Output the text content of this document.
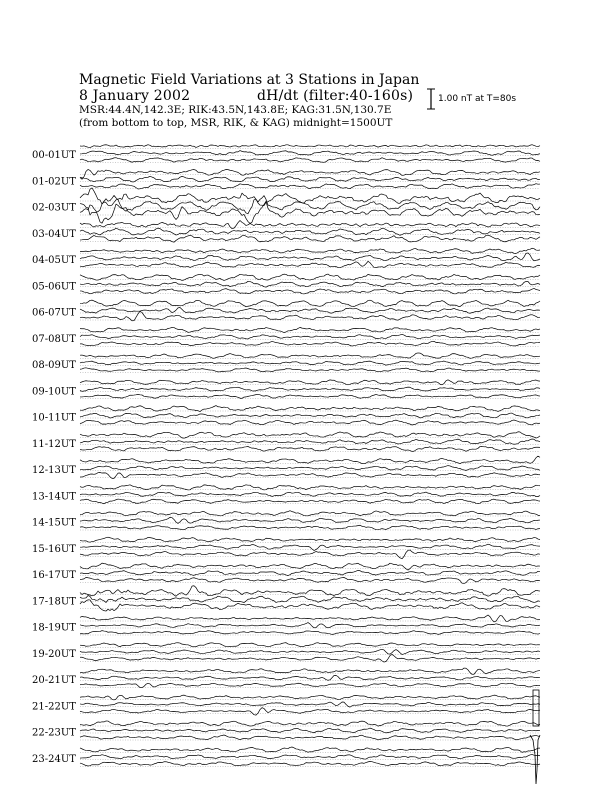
Magnetic Field Variations at 3 Stations in Japan
8 January 2002	dH/dt (filter:40-160s)
MSR:44.4N,142.3E; RIK:43.5N,143.8E; KAG:31.5N,130.7E
(from bottom to top, MSR, RIK, & KAG) midnight=1500UT
1.00 nT at T=80s
00-01UT
01-02UT
02-03UT
03-04UT
04-05UT
05-06UT
06-07UT
07-08UT
08-09UT
09-10UT
10-11UT
11-12UT
12-13UT
13-14UT
14-15UT
15-16UT
16-17UT
17-18UT
18-19UT
19-20UT
20-21UT
21-22UT
22-23UT
23-24UT
